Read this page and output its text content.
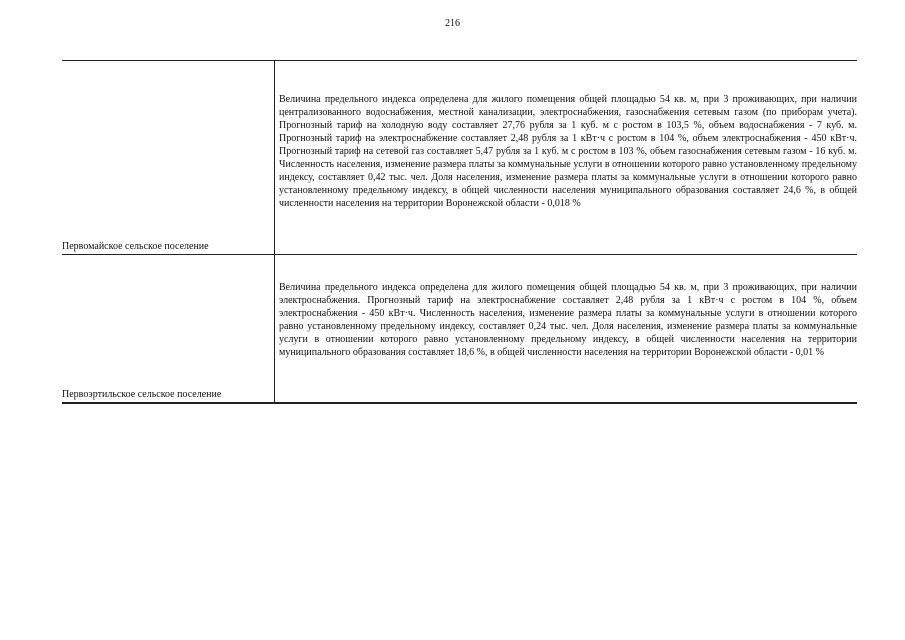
216
Первомайское сельское поселение
Величина предельного индекса определена для жилого помещения общей площадью 54 кв. м, при 3 проживающих, при наличии централизованного водоснабжения, местной канализации, электроснабжения, газоснабжения сетевым газом (по приборам учета). Прогнозный тариф на холодную воду составляет 27,76 рубля за 1 куб. м с ростом в 103,5 %, объем водоснабжения - 7 куб. м. Прогнозный тариф на электроснабжение составляет 2,48 рубля за 1 кВт·ч с ростом в 104 %, объем электроснабжения - 450 кВт·ч. Прогнозный тариф на сетевой газ составляет 5,47 рубля за 1 куб. м с ростом в 103 %, объем газоснабжения сетевым газом - 16 куб. м. Численность населения, изменение размера платы за коммунальные услуги в отношении которого равно установленному предельному индексу, составляет 0,42 тыс. чел. Доля населения, изменение размера платы за коммунальные услуги в отношении которого равно установленному предельному индексу, в общей численности населения муниципального образования составляет 24,6 %, в общей численности населения на территории Воронежской области - 0,018 %
Первоэртильское сельское поселение
Величина предельного индекса определена для жилого помещения общей площадью 54 кв. м, при 3 проживающих, при наличии электроснабжения. Прогнозный тариф на электроснабжение составляет 2,48 рубля за 1 кВт·ч с ростом в 104 %, объем электроснабжения - 450 кВт·ч. Численность населения, изменение размера платы за коммунальные услуги в отношении которого равно установленному предельному индексу, составляет 0,24 тыс. чел. Доля населения, изменение размера платы за коммунальные услуги в отношении которого равно установленному предельному индексу, в общей численности населения на территории муниципального образования составляет 18,6 %, в общей численности населения на территории Воронежской области - 0,01 %
